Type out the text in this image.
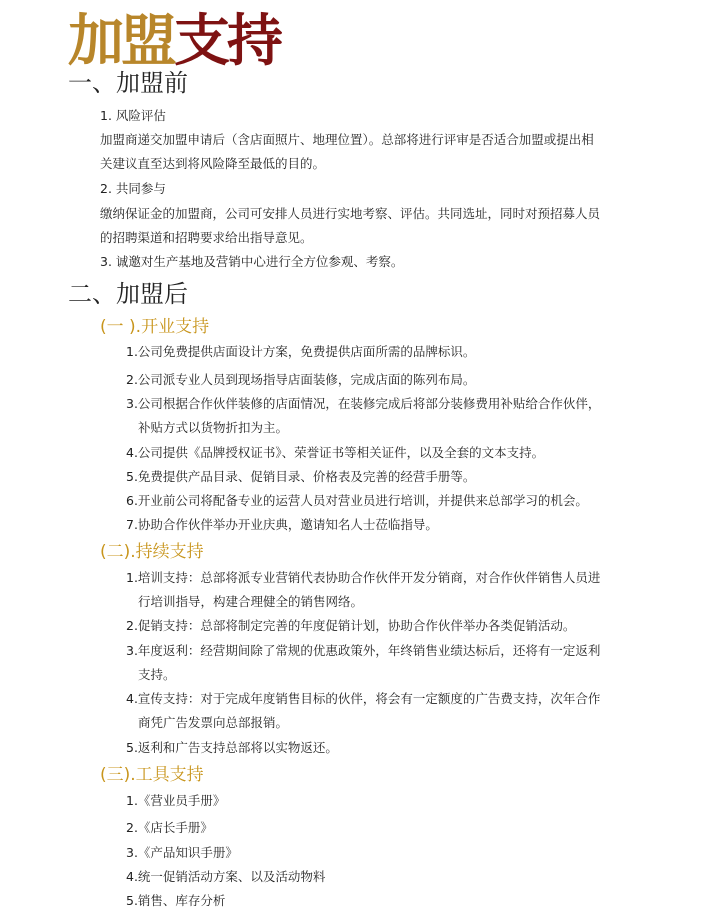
加盟支持
一、加盟前
1. 风险评估
加盟商递交加盟申请后（含店面照片、地理位置）。总部将进行评审是否适合加盟或提出相
关建议直至达到将风险降至最低的目的。
2. 共同参与
缴纳保证金的加盟商，公司可安排人员进行实地考察、评估。共同选址，同时对预招募人员
的招聘渠道和招聘要求给出指导意见。
3. 诚邀对生产基地及营销中心进行全方位参观、考察。
二、加盟后
(一 ).开业支持
1.公司免费提供店面设计方案，免费提供店面所需的品牌标识。
2.公司派专业人员到现场指导店面装修，完成店面的陈列布局。
3.公司根据合作伙伴装修的店面情况，在装修完成后将部分装修费用补贴给合作伙伴，
补贴方式以货物折扣为主。
4.公司提供《品牌授权证书》、荣誉证书等相关证件，以及全套的文本支持。
5.免费提供产品目录、促销目录、价格表及完善的经营手册等。
6.开业前公司将配备专业的运营人员对营业员进行培训，并提供来总部学习的机会。
7.协助合作伙伴举办开业庆典，邀请知名人士莅临指导。
(二).持续支持
1.培训支持：总部将派专业营销代表协助合作伙伴开发分销商，对合作伙伴销售人员进
行培训指导，构建合理健全的销售网络。
2.促销支持：总部将制定完善的年度促销计划，协助合作伙伴举办各类促销活动。
3.年度返利：经营期间除了常规的优惠政策外，年终销售业绩达标后，还将有一定返利
支持。
4.宣传支持：对于完成年度销售目标的伙伴，将会有一定额度的广告费支持，次年合作
商凭广告发票向总部报销。
5.返利和广告支持总部将以实物返还。
(三).工具支持
1.《营业员手册》
2.《店长手册》
3.《产品知识手册》
4.统一促销活动方案、以及活动物料
5.销售、库存分析
